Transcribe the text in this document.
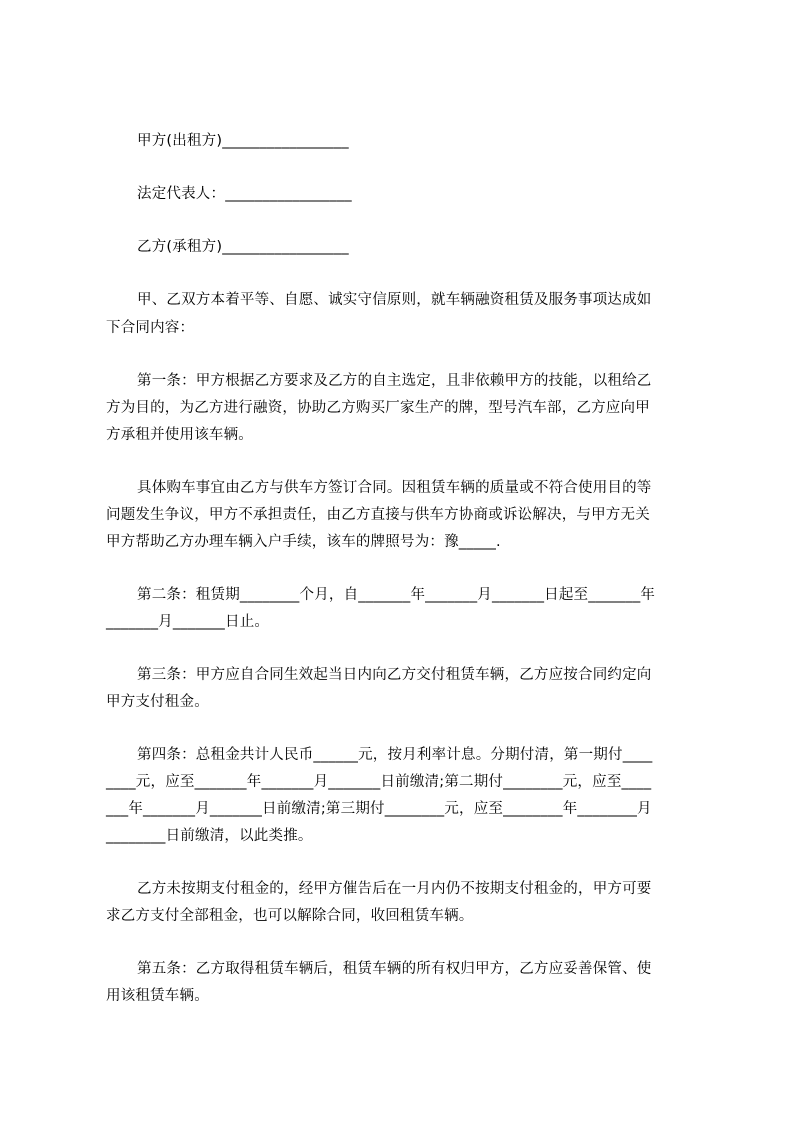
甲方(出租方)_________________
法定代表人：_________________
乙方(承租方)_________________
甲、乙双方本着平等、自愿、诚实守信原则，就车辆融资租赁及服务事项达成如
下合同内容：
第一条：甲方根据乙方要求及乙方的自主选定，且非依赖甲方的技能，以租给乙
方为目的，为乙方进行融资，协助乙方购买厂家生产的牌，型号汽车部，乙方应向甲
方承租并使用该车辆。
具体购车事宜由乙方与供车方签订合同。因租赁车辆的质量或不符合使用目的等
问题发生争议，甲方不承担责任，由乙方直接与供车方协商或诉讼解决，与甲方无关
甲方帮助乙方办理车辆入户手续，该车的牌照号为：豫_____.
第二条：租赁期________个月，自_______年_______月_______日起至_______年
_______月_______日止。
第三条：甲方应自合同生效起当日内向乙方交付租赁车辆，乙方应按合同约定向
甲方支付租金。
第四条：总租金共计人民币______元，按月利率计息。分期付清，第一期付____
____元，应至_______年_______月_______日前缴清;第二期付________元，应至____
___年_______月_______日前缴清;第三期付________元，应至________年________月
________日前缴清，以此类推。
乙方未按期支付租金的，经甲方催告后在一月内仍不按期支付租金的，甲方可要
求乙方支付全部租金，也可以解除合同，收回租赁车辆。
第五条：乙方取得租赁车辆后，租赁车辆的所有权归甲方，乙方应妥善保管、使
用该租赁车辆。
